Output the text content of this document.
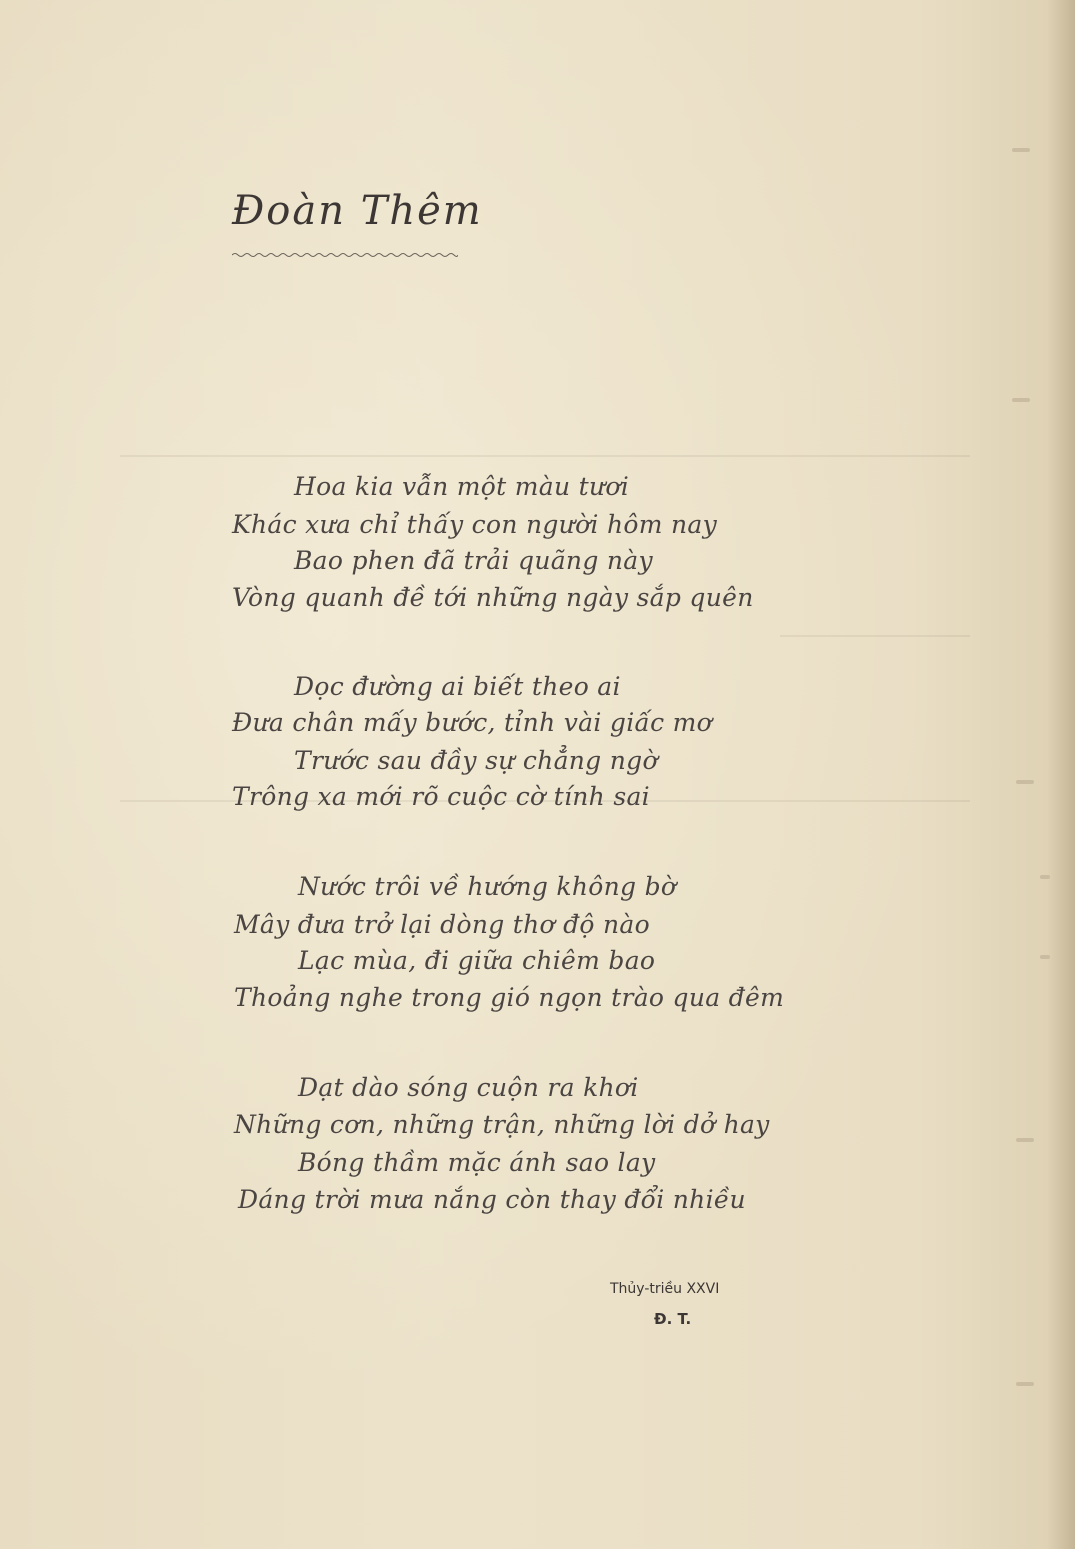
Đoàn Thêm
Hoa kia vẫn một màu tươi
Khác xưa chỉ thấy con người hôm nay
Bao phen đã trải quãng này
Vòng quanh đề tới những ngày sắp quên
Dọc đường ai biết theo ai
Đưa chân mấy bước, tỉnh vài giấc mơ
Trước sau đầy sự chẳng ngờ
Trông xa mới rõ cuộc cờ tính sai
Nước trôi về hướng không bờ
Mây đưa trở lại dòng thơ độ nào
Lạc mùa, đi giữa chiêm bao
Thoảng nghe trong gió ngọn trào qua đêm
Dạt dào sóng cuộn ra khơi
Những cơn, những trận, những lời dở hay
Bóng thầm mặc ánh sao lay
Dáng trời mưa nắng còn thay đổi nhiều
Thủy-triều XXVI
Đ. T.
